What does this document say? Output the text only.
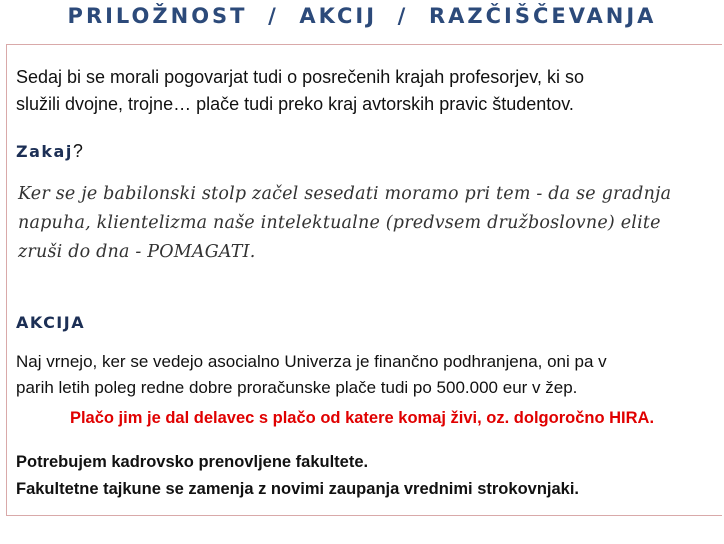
PRILOŽNOST  /  AKCIJ  /  RAZČIŠČEVANJA
Sedaj bi se morali pogovarjat tudi o posrečenih krajah profesorjev, ki so
služili dvojne, trojne… plače tudi preko kraj avtorskih pravic študentov.
Zakaj?
Ker se je babilonski stolp začel sesedati moramo pri tem - da se gradnja
napuha, klientelizma naše intelektualne (predvsem družboslovne) elite
zruši do dna - POMAGATI.
AKCIJA
Naj vrnejo, ker se vedejo asocialno Univerza je finančno podhranjena, oni pa v
parih letih poleg redne dobre proračunske plače tudi po 500.000 eur v žep.
Plačo jim je dal delavec s plačo od katere komaj živi, oz. dolgoročno HIRA.
Potrebujem kadrovsko prenovljene fakultete.
Fakultetne tajkune se zamenja z novimi zaupanja vrednimi strokovnjaki.
